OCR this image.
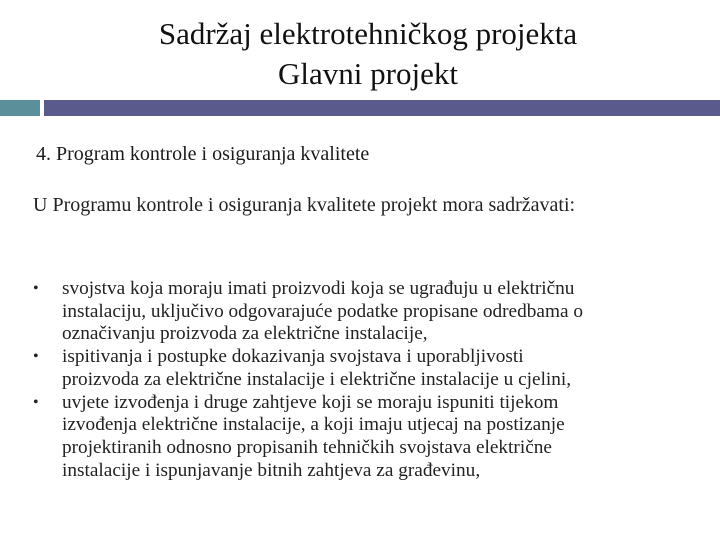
Sadržaj elektrotehničkog projekta
Glavni projekt
4. Program kontrole i osiguranja kvalitete
U Programu kontrole i osiguranja kvalitete projekt mora sadržavati:
•	svojstva koja moraju imati proizvodi koja se ugrađuju u električnu
instalaciju, uključivo odgovarajuće podatke propisane odredbama o
označivanju proizvoda za električne instalacije,
•	ispitivanja i postupke dokazivanja svojstava i uporabljivosti
proizvoda za električne instalacije i električne instalacije u cjelini,
•	uvjete izvođenja i druge zahtjeve koji se moraju ispuniti tijekom
izvođenja električne instalacije, a koji imaju utjecaj na postizanje
projektiranih odnosno propisanih tehničkih svojstava električne
instalacije i ispunjavanje bitnih zahtjeva za građevinu,
